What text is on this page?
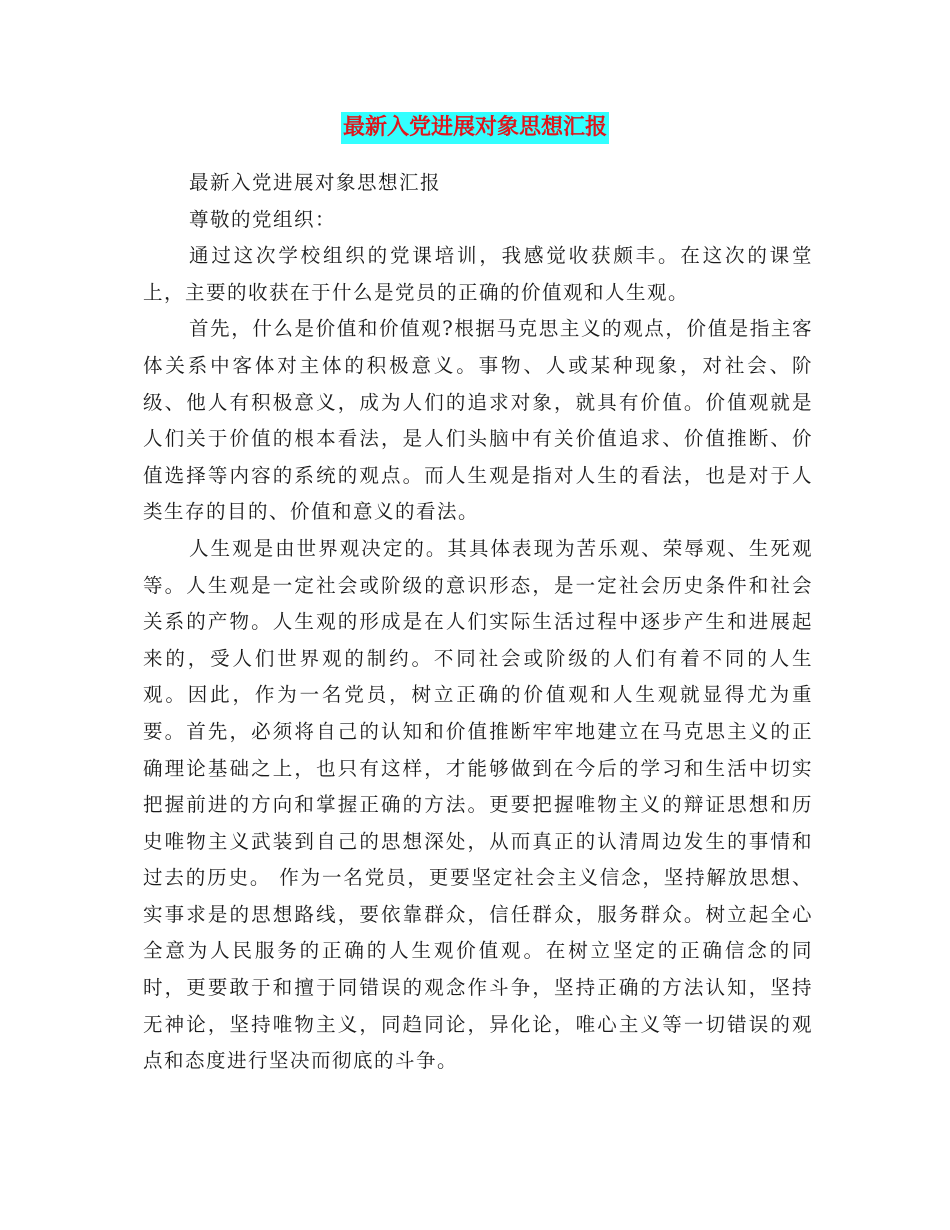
最新入党进展对象思想汇报

最新入党进展对象思想汇报

尊敬的党组织：

通过这次学校组织的党课培训，我感觉收获颇丰。在这次的课堂上，主要的收获在于什么是党员的正确的价值观和人生观。

首先，什么是价值和价值观?根据马克思主义的观点，价值是指主客体关系中客体对主体的积极意义。事物、人或某种现象，对社会、阶级、他人有积极意义，成为人们的追求对象，就具有价值。价值观就是人们关于价值的根本看法，是人们头脑中有关价值追求、价值推断、价值选择等内容的系统的观点。而人生观是指对人生的看法，也是对于人类生存的目的、价值和意义的看法。

人生观是由世界观决定的。其具体表现为苦乐观、荣辱观、生死观等。人生观是一定社会或阶级的意识形态，是一定社会历史条件和社会关系的产物。人生观的形成是在人们实际生活过程中逐步产生和进展起来的，受人们世界观的制约。不同社会或阶级的人们有着不同的人生观。因此，作为一名党员，树立正确的价值观和人生观就显得尤为重要。首先，必须将自己的认知和价值推断牢牢地建立在马克思主义的正确理论基础之上，也只有这样，才能够做到在今后的学习和生活中切实把握前进的方向和掌握正确的方法。更要把握唯物主义的辩证思想和历史唯物主义武装到自己的思想深处，从而真正的认清周边发生的事情和过去的历史。 作为一名党员，更要坚定社会主义信念，坚持解放思想、实事求是的思想路线，要依靠群众，信任群众，服务群众。树立起全心全意为人民服务的正确的人生观价值观。在树立坚定的正确信念的同时，更要敢于和擅于同错误的观念作斗争，坚持正确的方法认知，坚持无神论，坚持唯物主义，同趋同论，异化论，唯心主义等一切错误的观点和态度进行坚决而彻底的斗争。
